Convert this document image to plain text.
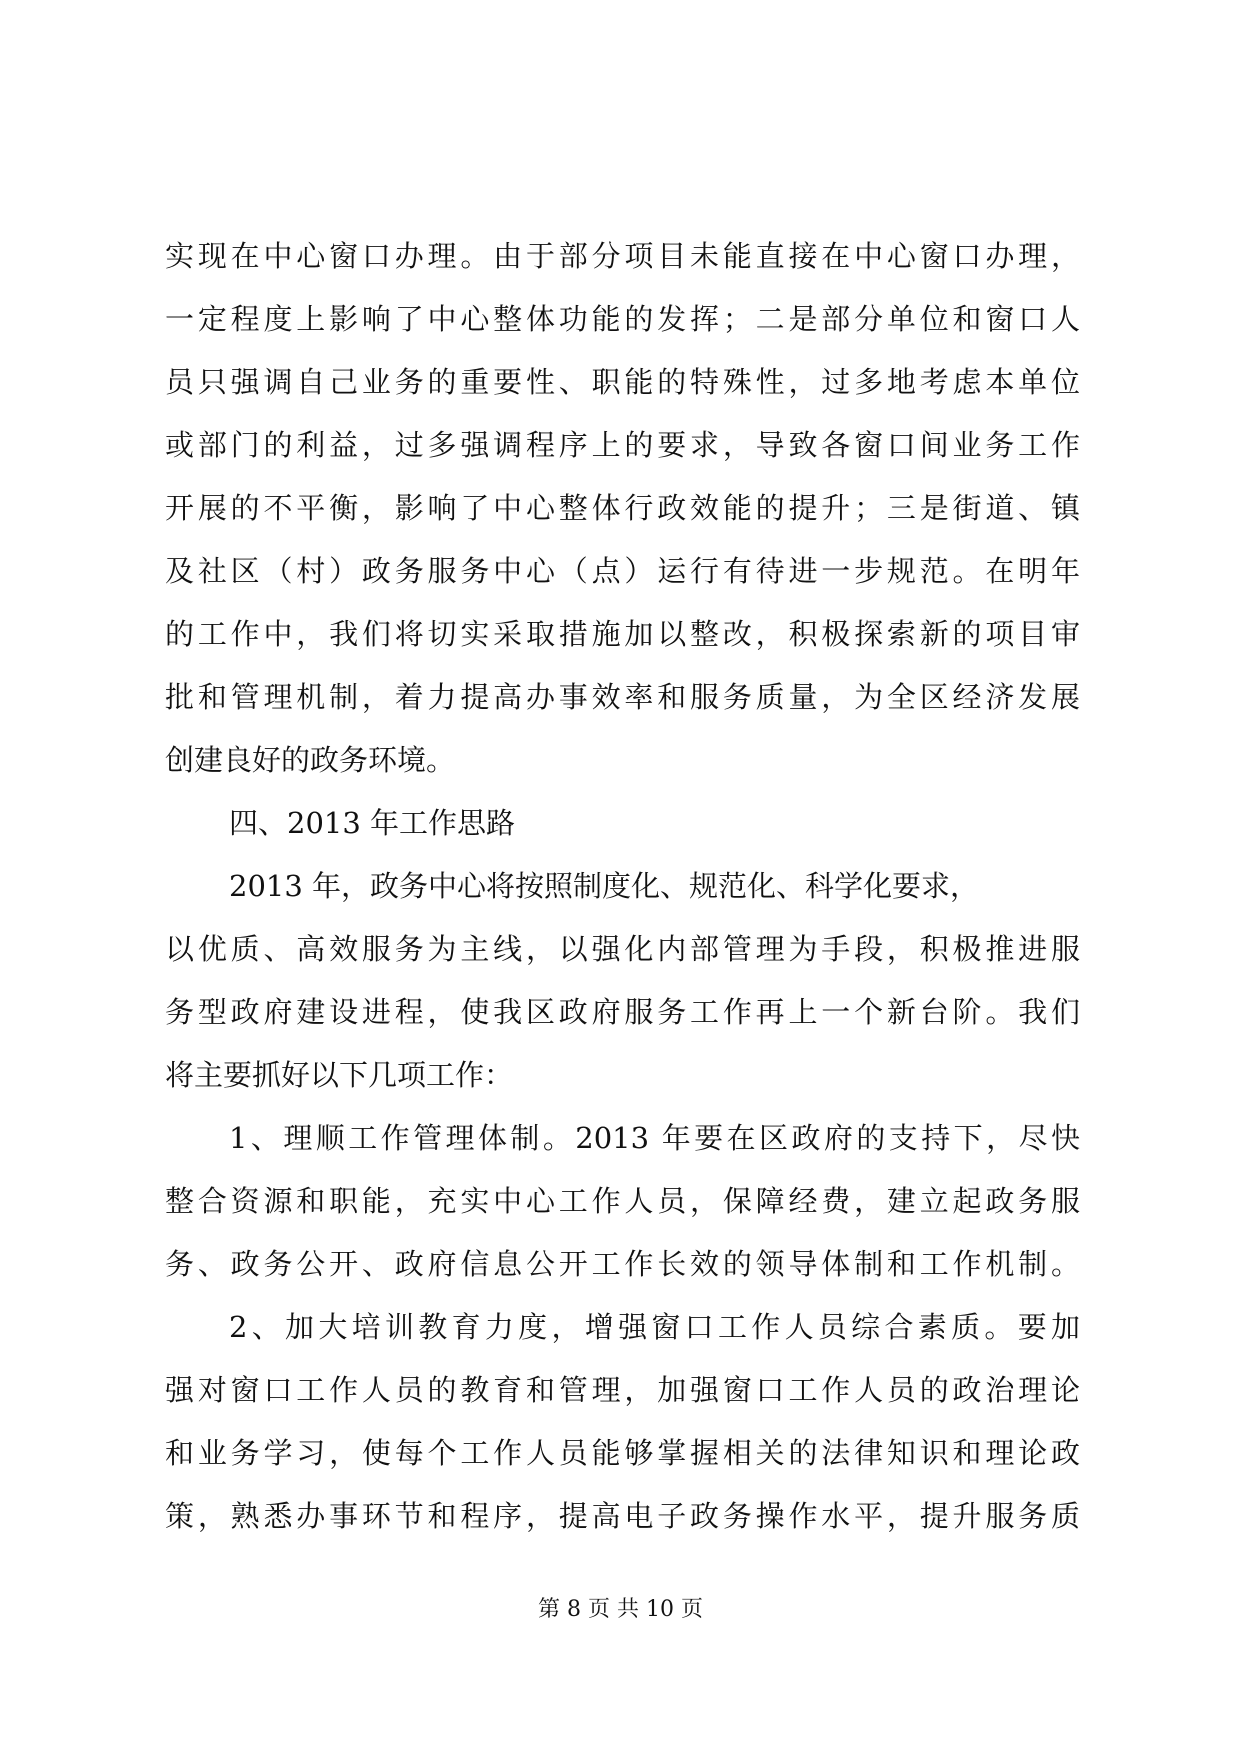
实现在中心窗口办理。由于部分项目未能直接在中心窗口办理，
一定程度上影响了中心整体功能的发挥；二是部分单位和窗口人
员只强调自己业务的重要性、职能的特殊性，过多地考虑本单位
或部门的利益，过多强调程序上的要求，导致各窗口间业务工作
开展的不平衡，影响了中心整体行政效能的提升；三是街道、镇
及社区（村）政务服务中心（点）运行有待进一步规范。在明年
的工作中，我们将切实采取措施加以整改，积极探索新的项目审
批和管理机制，着力提高办事效率和服务质量，为全区经济发展
创建良好的政务环境。
四、2013 年工作思路
2013 年，政务中心将按照制度化、规范化、科学化要求，
以优质、高效服务为主线，以强化内部管理为手段，积极推进服
务型政府建设进程，使我区政府服务工作再上一个新台阶。我们
将主要抓好以下几项工作：
1、理顺工作管理体制。2013 年要在区政府的支持下，尽快
整合资源和职能，充实中心工作人员，保障经费，建立起政务服
务、政务公开、政府信息公开工作长效的领导体制和工作机制。
2、加大培训教育力度，增强窗口工作人员综合素质。要加
强对窗口工作人员的教育和管理，加强窗口工作人员的政治理论
和业务学习，使每个工作人员能够掌握相关的法律知识和理论政
策，熟悉办事环节和程序，提高电子政务操作水平，提升服务质
第 8 页 共 10 页
